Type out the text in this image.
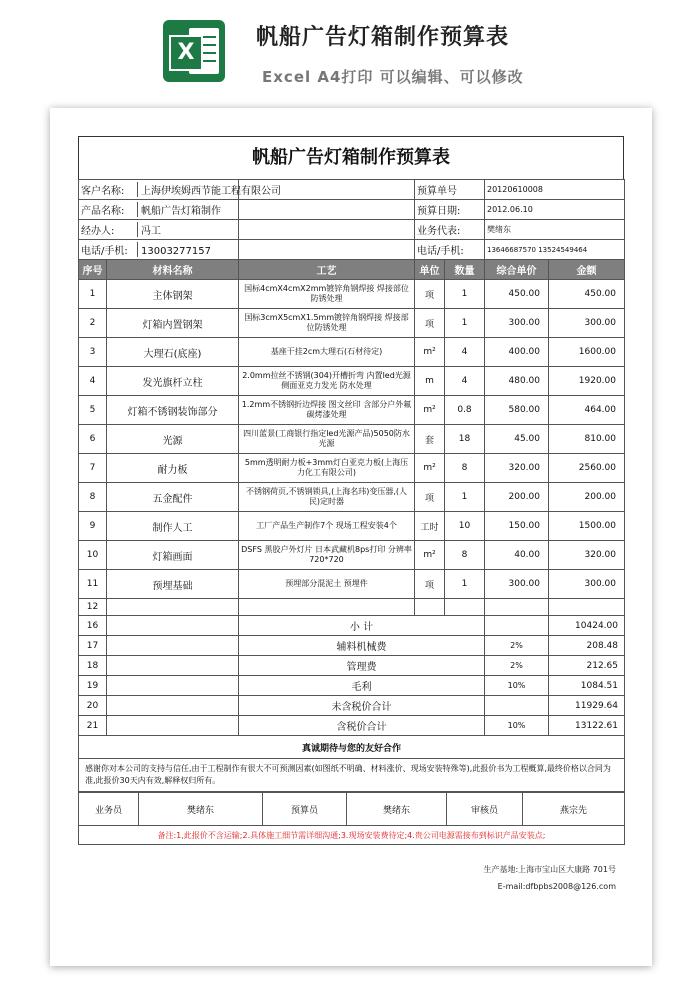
X
帆船广告灯箱制作预算表
Excel A4打印 可以编辑、可以修改
帆船广告灯箱制作预算表
客户名称: 上海伊埃姆西节能工程有限公司			预算单号		20120610008	
产品名称: 帆船广告灯箱制作			预算日期:		2012.06.10	
经办人: 冯工			业务代表:		樊绪东	
电话/手机: 13003277157			电话/手机:		13646687570 13524549464	
序号	材料名称	工艺	单位	数量	综合单价	金额
1	主体钢架	国标4cmX4cmX2mm镀锌角钢焊接 焊接部位防锈处理	项	1	450.00	450.00
2	灯箱内置钢架	国标3cmX5cmX1.5mm镀锌角钢焊接 焊接部位防锈处理	项	1	300.00	300.00
3	大理石(底座)	基座干挂2cm大理石(石材待定)	m²	4	400.00	1600.00
4	发光旗杆立柱	2.0mm拉丝不锈钢(304)开槽折弯 内置led光源 侧面亚克力发光 防水处理	m	4	480.00	1920.00
5	灯箱不锈钢装饰部分	1.2mm不锈钢折边焊接 图文丝印 含部分户外氟碳烤漆处理	m²	0.8	580.00	464.00
6	光源	四川蓝景(工商银行指定led光源产品)5050防水光源	套	18	45.00	810.00
7	耐力板	5mm透明耐力板+3mm灯白亚克力板(上海压力化工有限公司)	m²	8	320.00	2560.00
8	五金配件	不锈钢荷页,不锈钢锁具,(上海名玮)变压器,(人民)定时器	项	1	200.00	200.00
9	制作人工	工厂产品生产制作7个 现场工程安装4个	工时	10	150.00	1500.00
10	灯箱画面	DSFS 黑胶户外灯片 日本武藏机8ps打印 分辨率720*720	m²	8	40.00	320.00
11	预埋基础	预埋部分混泥土 预埋件	项	1	300.00	300.00
12						
16		小 计				10424.00
17		辅料机械费			2%	208.48
18		管理费			2%	212.65
19		毛利			10%	1084.51
20		未含税价合计				11929.64
21		含税价合计			10%	13122.61
真诚期待与您的友好合作						
感谢你对本公司的支持与信任,由于工程制作有很大不可预测因素(如图纸不明确、材料涨价、现场安装特殊等),此报价书为工程概算,最终价格以合同为准,此报价30天内有效,解释权归所有。						
业务员	樊绪东	预算员	樊绪东	审核员	燕宗先
备注:1,此报价不含运输;2.具体施工细节需详细沟通;3.现场安装费待定;4.贵公司电源需接布到标识产品安装点;
生产基地:上海市宝山区大康路 701号
E-mail:dfbpbs2008@126.com
